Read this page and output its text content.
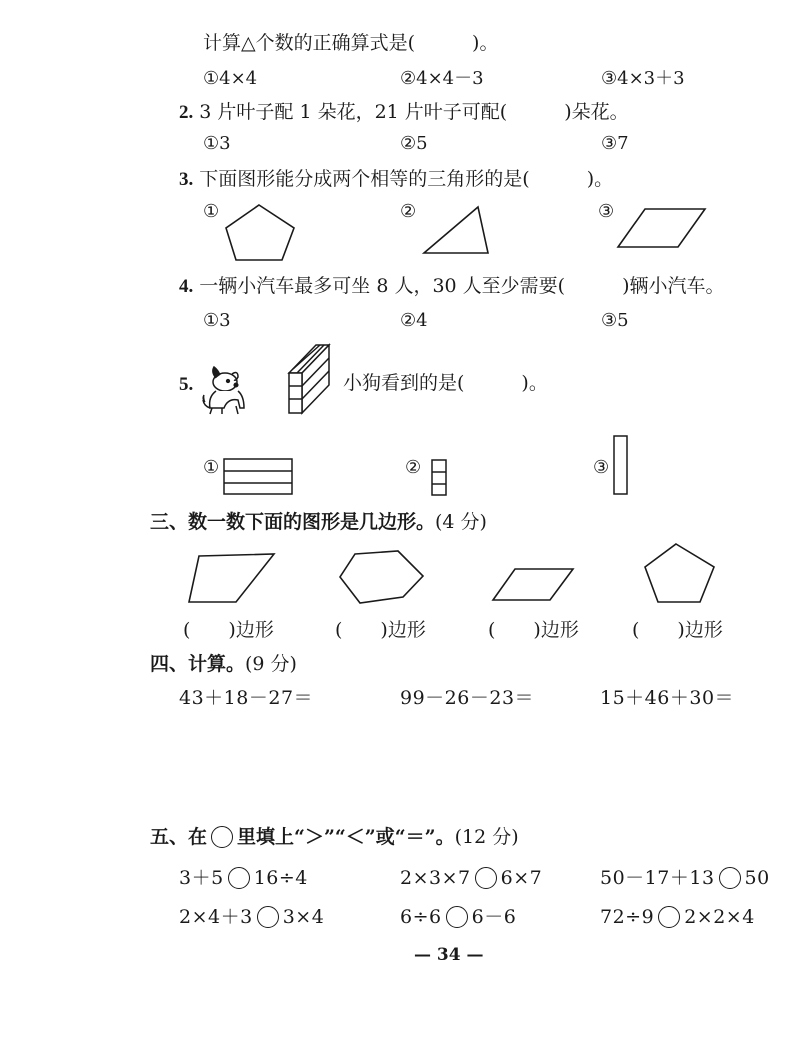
计算△个数的正确算式是(　　　)。
①4×4	②4×4－3	③4×3＋3
2. 3 片叶子配 1 朵花，21 片叶子可配(　　　)朵花。
①3	②5	③7
3. 下面图形能分成两个相等的三角形的是(　　　)。
①	②	③
4. 一辆小汽车最多可坐 8 人，30 人至少需要(　　　)辆小汽车。
①3	②4	③5
5.	小狗看到的是(　　　)。
①	②	③
三、数一数下面的图形是几边形。(4 分)
(　　)边形	(　　)边形	(　　)边形	(　　)边形
四、计算。(9 分)
43＋18－27＝	99－26－23＝	15＋46＋30＝
五、在 里填上“＞”“＜”或“＝”。(12 分)
3＋5 16÷4	2×3×7 6×7	50－17＋13 50
2×4＋3 3×4	6÷6 6－6	72÷9 2×2×4
— 34 —
